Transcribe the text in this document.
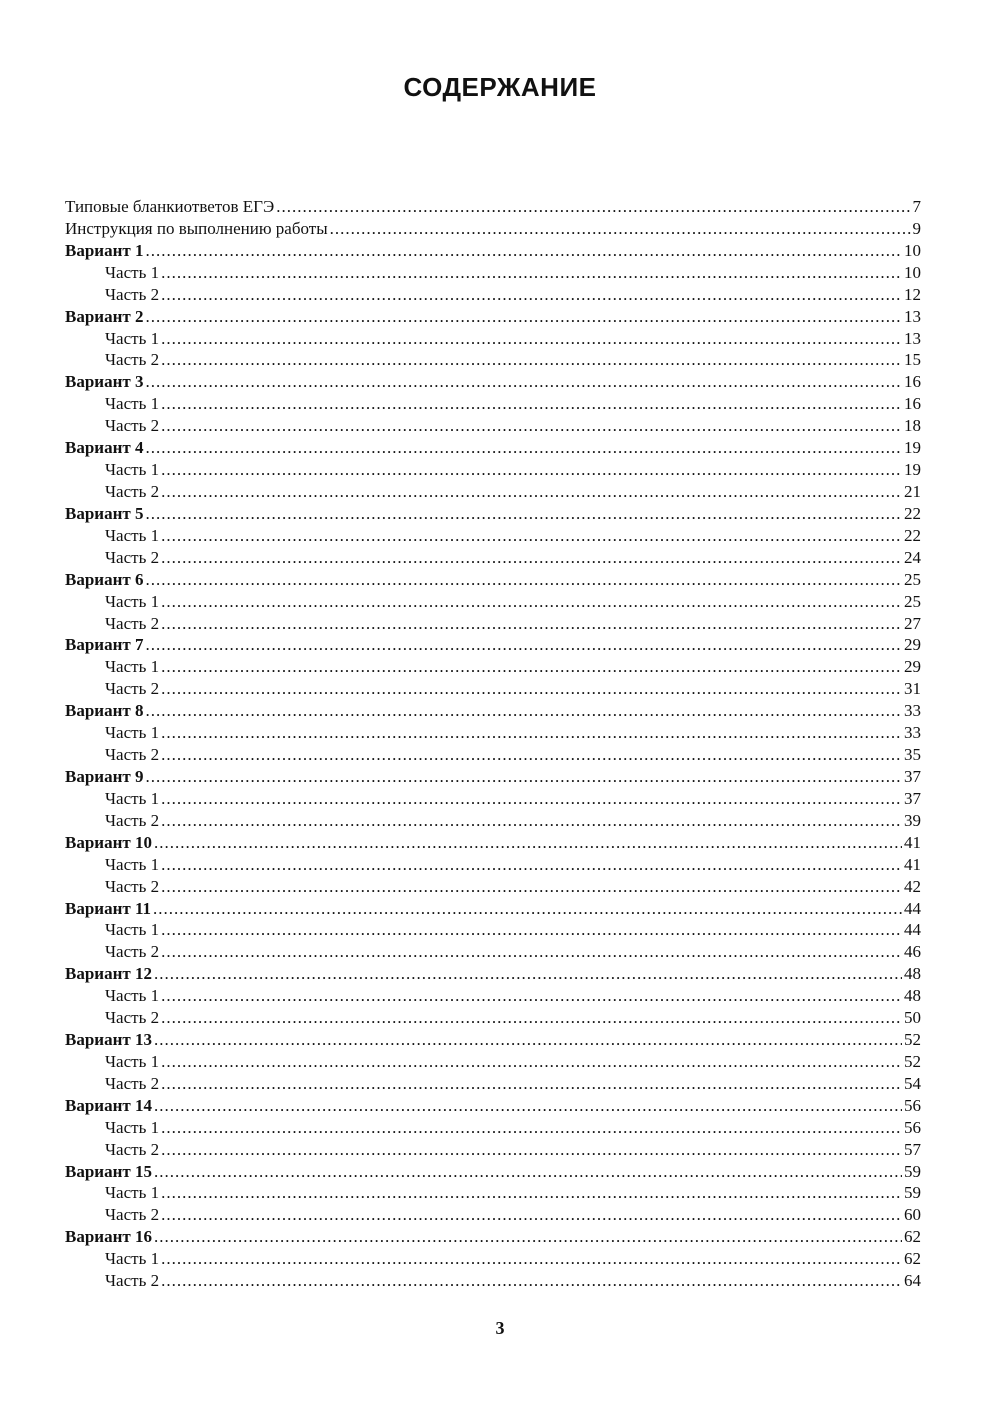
СОДЕРЖАНИЕ
Типовые бланкиответов ЕГЭ .....	7
Инструкция по выполнению работы .....	9
Вариант 1 .....	10
Часть 1 .....	10
Часть 2 .....	12
Вариант 2 .....	13
Часть 1 .....	13
Часть 2 .....	15
Вариант 3 .....	16
Часть 1 .....	16
Часть 2 .....	18
Вариант 4 .....	19
Часть 1 .....	19
Часть 2 .....	21
Вариант 5 .....	22
Часть 1 .....	22
Часть 2 .....	24
Вариант 6 .....	25
Часть 1 .....	25
Часть 2 .....	27
Вариант 7 .....	29
Часть 1 .....	29
Часть 2 .....	31
Вариант 8 .....	33
Часть 1 .....	33
Часть 2 .....	35
Вариант 9 .....	37
Часть 1 .....	37
Часть 2 .....	39
Вариант 10 .....	41
Часть 1 .....	41
Часть 2 .....	42
Вариант 11 .....	44
Часть 1 .....	44
Часть 2 .....	46
Вариант 12 .....	48
Часть 1 .....	48
Часть 2 .....	50
Вариант 13 .....	52
Часть 1 .....	52
Часть 2 .....	54
Вариант 14 .....	56
Часть 1 .....	56
Часть 2 .....	57
Вариант 15 .....	59
Часть 1 .....	59
Часть 2 .....	60
Вариант 16 .....	62
Часть 1 .....	62
Часть 2 .....	64

3
